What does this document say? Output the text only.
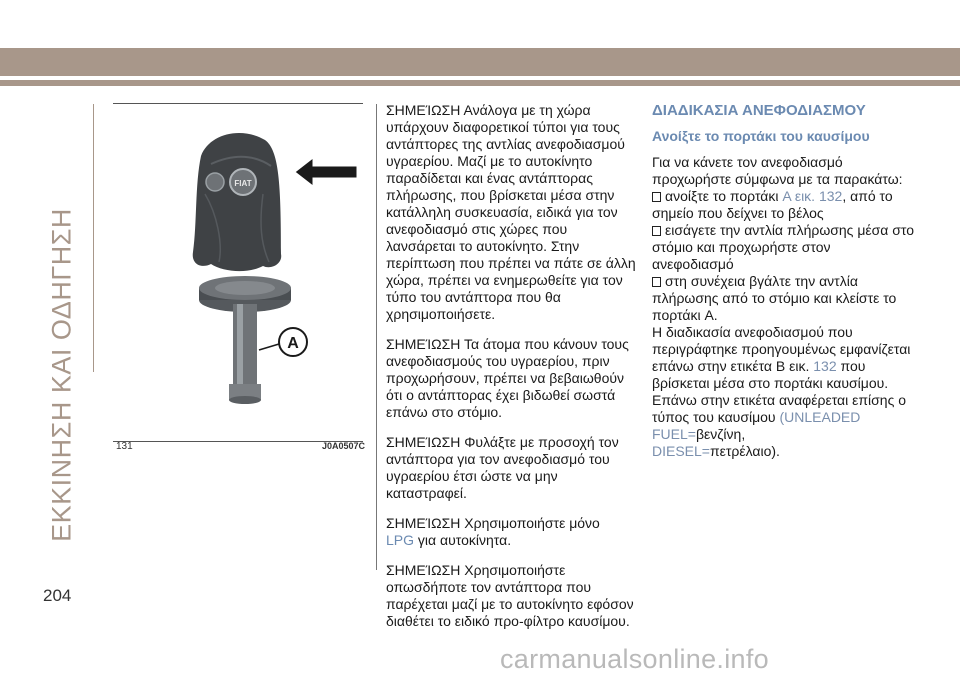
ΕΚΚΙΝΗΣΗ ΚΑΙ ΟΔΗΓΗΣΗ
FIAT
A
131	J0A0507C

ΣΗΜΕΊΩΣΗ Ανάλογα με τη χώρα υπάρχουν διαφορετικοί τύποι για τους αντάπτορες της αντλίας ανεφοδιασμού υγραερίου. Μαζί με το αυτοκίνητο παραδίδεται και ένας αντάπτορας πλήρωσης, που βρίσκεται μέσα στην κατάλληλη συσκευασία, ειδικά για τον ανεφοδιασμό στις χώρες που λανσάρεται το αυτοκίνητο. Στην περίπτωση που πρέπει να πάτε σε άλλη χώρα, πρέπει να ενημερωθείτε για τον τύπο του αντάπτορα που θα χρησιμοποιήσετε.

ΣΗΜΕΊΩΣΗ Τα άτομα που κάνουν τους ανεφοδιασμούς του υγραερίου, πριν προχωρήσουν, πρέπει να βεβαιωθούν ότι ο αντάπτορας έχει βιδωθεί σωστά επάνω στο στόμιο.

ΣΗΜΕΊΩΣΗ Φυλάξτε με προσοχή τον αντάπτορα για τον ανεφοδιασμό του υγραερίου έτσι ώστε να μην καταστραφεί.

ΣΗΜΕΊΩΣΗ Χρησιμοποιήστε μόνο
LPG για αυτοκίνητα.

ΣΗΜΕΊΩΣΗ Χρησιμοποιήστε οπωσδήποτε τον αντάπτορα που παρέχεται μαζί με το αυτοκίνητο εφόσον διαθέτει το ειδικό προ-φίλτρο καυσίμου.

ΔΙΑΔΙΚΑΣΙΑ ΑΝΕΦΟΔΙΑΣΜΟΥ
Ανοίξτε το πορτάκι του καυσίμου
Για να κάνετε τον ανεφοδιασμό προχωρήστε σύμφωνα με τα παρακάτω:
ανοίξτε το πορτάκι A εικ. 132, από το σημείο που δείχνει το βέλος
εισάγετε την αντλία πλήρωσης μέσα στο στόμιο και προχωρήστε στον ανεφοδιασμό
στη συνέχεια βγάλτε την αντλία πλήρωσης από το στόμιο και κλείστε το πορτάκι A.
Η διαδικασία ανεφοδιασμού που περιγράφτηκε προηγουμένως εμφανίζεται επάνω στην ετικέτα B εικ. 132 που βρίσκεται μέσα στο πορτάκι καυσίμου. Επάνω στην ετικέτα αναφέρεται επίσης ο τύπος του καυσίμου (UNLEADED FUEL=βενζίνη,
DIESEL=πετρέλαιο).
204
carmanualsonline.info
